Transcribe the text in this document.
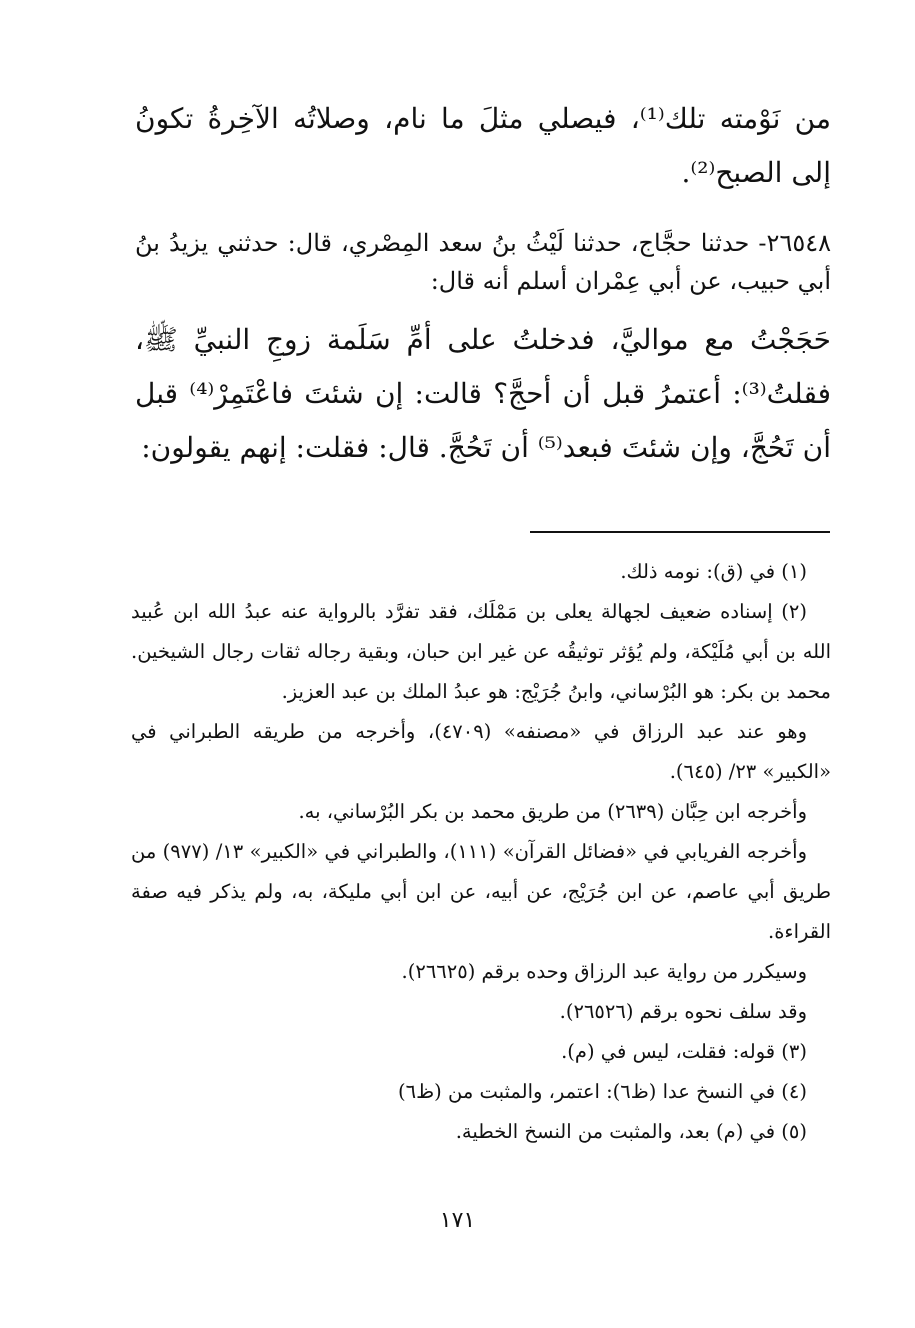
من نَوْمته تلك⁽¹⁾، فيصلي مثلَ ما نام، وصلاتُه الآخِرةُ تكونُ إلى الصبح⁽²⁾.

٢٦٥٤٨- حدثنا حجَّاج، حدثنا لَيْثُ بنُ سعد المِصْري، قال: حدثني يزيدُ بنُ أبي حبيب، عن أبي عِمْران أسلم أنه قال:

حَجَجْتُ مع مواليَّ، فدخلتُ على أمِّ سَلَمة زوجِ النبيِّ ﷺ، فقلتُ⁽³⁾: أعتمرُ قبل أن أحجَّ؟ قالت: إن شئتَ فاعْتَمِرْ⁽⁴⁾ قبل أن تَحُجَّ، وإن شئتَ فبعد⁽⁵⁾ أن تَحُجَّ. قال: فقلت: إنهم يقولون:

(١) في (ق): نومه ذلك.

(٢) إسناده ضعيف لجهالة يعلى بن مَمْلَك، فقد تفرَّد بالرواية عنه عبدُ الله ابن عُبيد الله بن أبي مُلَيْكة، ولم يُؤثر توثيقُه عن غير ابن حبان، وبقية رجاله ثقات رجال الشيخين. محمد بن بكر: هو البُرْساني، وابنُ جُرَيْج: هو عبدُ الملك بن عبد العزيز.

وهو عند عبد الرزاق في «مصنفه» (٤٧٠٩)، وأخرجه من طريقه الطبراني في «الكبير» ٢٣/ (٦٤٥).

وأخرجه ابن حِبَّان (٢٦٣٩) من طريق محمد بن بكر البُرْساني، به.

وأخرجه الفريابي في «فضائل القرآن» (١١١)، والطبراني في «الكبير» ١٣/ (٩٧٧) من طريق أبي عاصم، عن ابن جُرَيْج، عن أبيه، عن ابن أبي مليكة، به، ولم يذكر فيه صفة القراءة.

وسيكرر من رواية عبد الرزاق وحده برقم (٢٦٦٢٥).

وقد سلف نحوه برقم (٢٦٥٢٦).

(٣) قوله: فقلت، ليس في (م).

(٤) في النسخ عدا (ظ٦): اعتمر، والمثبت من (ظ٦)

(٥) في (م) بعد، والمثبت من النسخ الخطية.

١٧١
